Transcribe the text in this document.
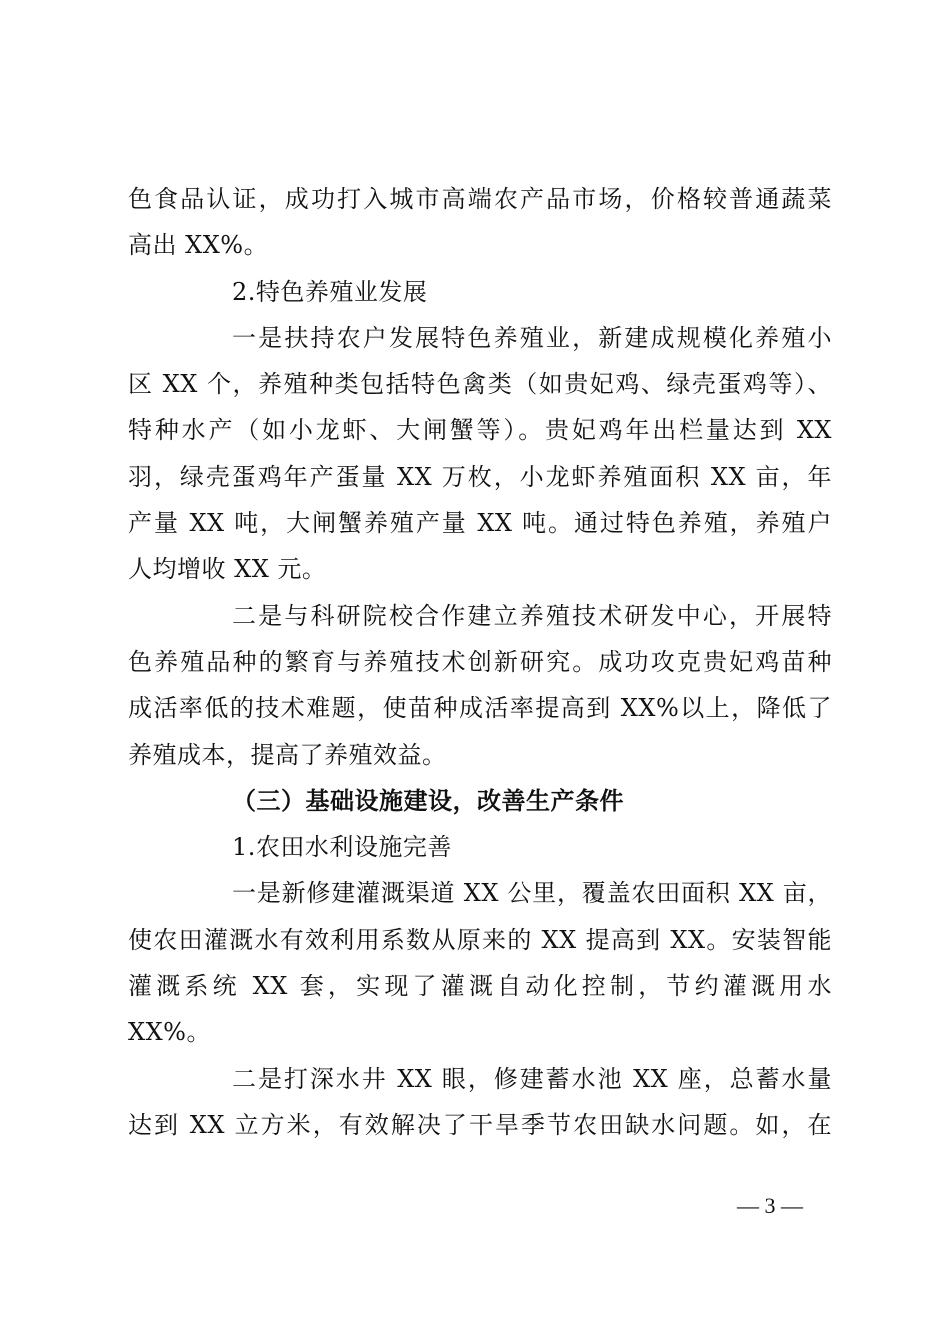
色食品认证，成功打入城市高端农产品市场，价格较普通蔬菜
高出 XX%。
2.特色养殖业发展
一是扶持农户发展特色养殖业，新建成规模化养殖小
区 XX 个，养殖种类包括特色禽类（如贵妃鸡、绿壳蛋鸡等）、
特种水产（如小龙虾、大闸蟹等）。贵妃鸡年出栏量达到 XX
羽，绿壳蛋鸡年产蛋量 XX 万枚，小龙虾养殖面积 XX 亩，年
产量 XX 吨，大闸蟹养殖产量 XX 吨。通过特色养殖，养殖户
人均增收 XX 元。
二是与科研院校合作建立养殖技术研发中心，开展特
色养殖品种的繁育与养殖技术创新研究。成功攻克贵妃鸡苗种
成活率低的技术难题，使苗种成活率提高到 XX%以上，降低了
养殖成本，提高了养殖效益。
（三）基础设施建设，改善生产条件
1.农田水利设施完善
一是新修建灌溉渠道 XX 公里，覆盖农田面积 XX 亩，
使农田灌溉水有效利用系数从原来的 XX 提高到 XX。安装智能
灌溉系统 XX 套，实现了灌溉自动化控制，节约灌溉用水
XX%。
二是打深水井 XX 眼，修建蓄水池 XX 座，总蓄水量
达到 XX 立方米，有效解决了干旱季节农田缺水问题。如，在
— 3 —
